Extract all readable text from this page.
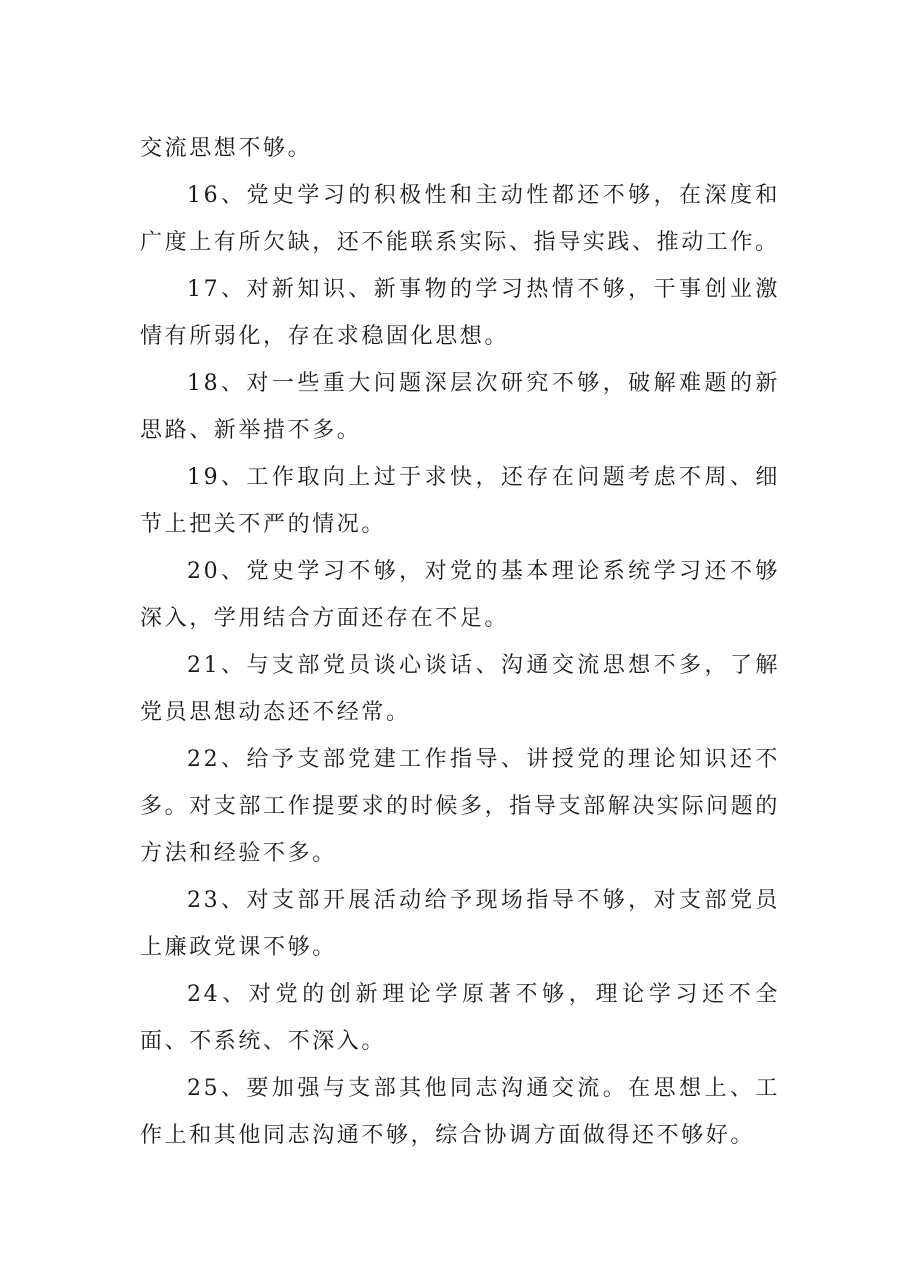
交流思想不够。

16、党史学习的积极性和主动性都还不够，在深度和广度上有所欠缺，还不能联系实际、指导实践、推动工作。

17、对新知识、新事物的学习热情不够，干事创业激情有所弱化，存在求稳固化思想。

18、对一些重大问题深层次研究不够，破解难题的新思路、新举措不多。

19、工作取向上过于求快，还存在问题考虑不周、细节上把关不严的情况。

20、党史学习不够，对党的基本理论系统学习还不够深入，学用结合方面还存在不足。

21、与支部党员谈心谈话、沟通交流思想不多，了解党员思想动态还不经常。

22、给予支部党建工作指导、讲授党的理论知识还不多。对支部工作提要求的时候多，指导支部解决实际问题的方法和经验不多。

23、对支部开展活动给予现场指导不够，对支部党员上廉政党课不够。

24、对党的创新理论学原著不够，理论学习还不全面、不系统、不深入。

25、要加强与支部其他同志沟通交流。在思想上、工作上和其他同志沟通不够，综合协调方面做得还不够好。
